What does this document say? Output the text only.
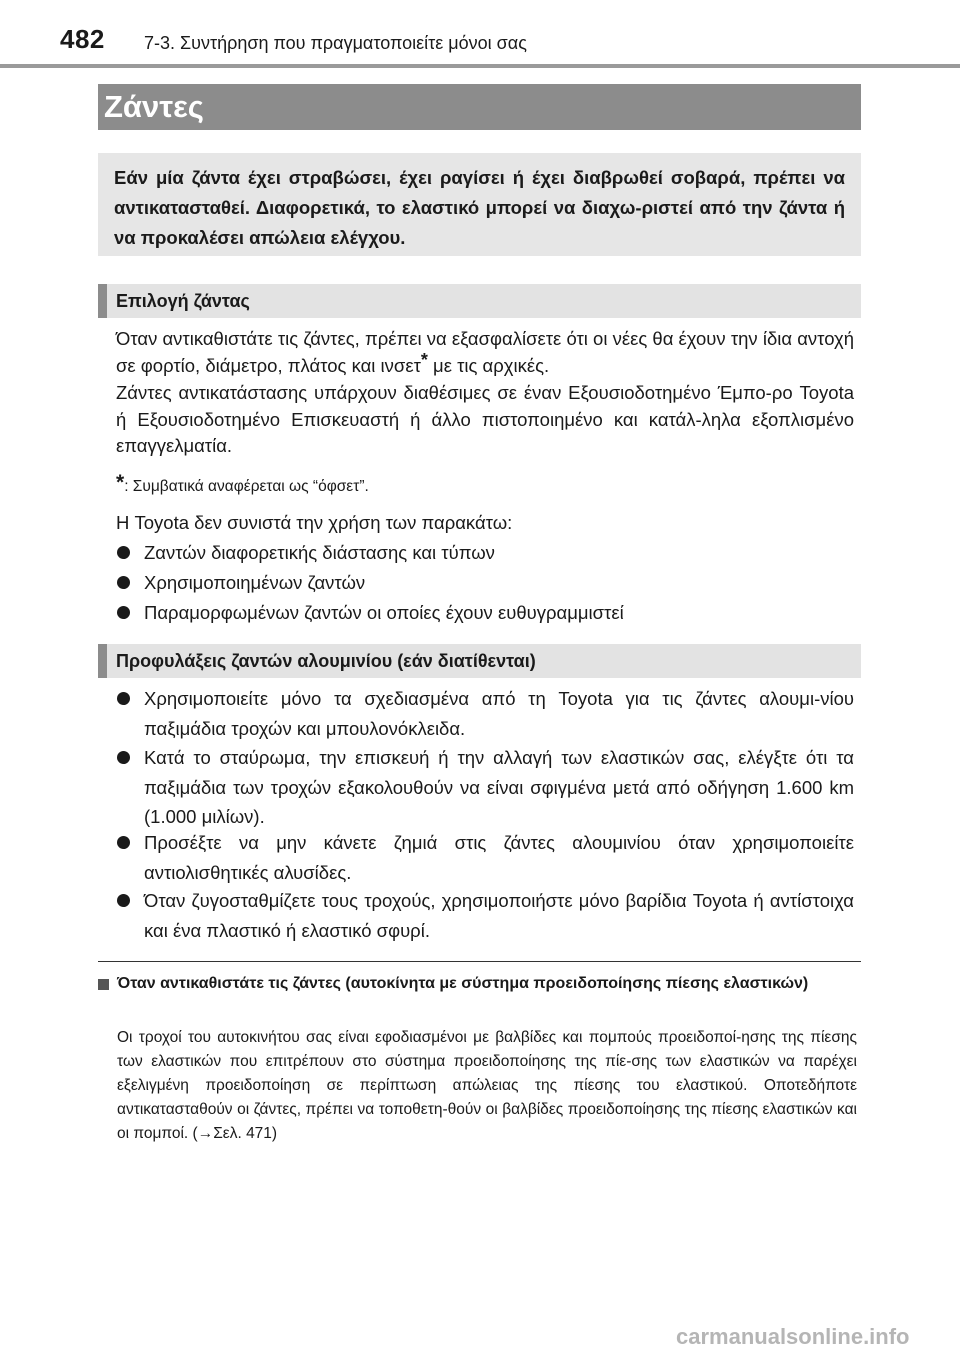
482 7-3. Συντήρηση που πραγματοποιείτε μόνοι σας
Ζάντες
Εάν μία ζάντα έχει στραβώσει, έχει ραγίσει ή έχει διαβρωθεί σοβαρά, πρέπει να αντικατασταθεί. Διαφορετικά, το ελαστικό μπορεί να διαχω-ριστεί από την ζάντα ή να προκαλέσει απώλεια ελέγχου.
Επιλογή ζάντας
Όταν αντικαθιστάτε τις ζάντες, πρέπει να εξασφαλίσετε ότι οι νέες θα έχουν την ίδια αντοχή σε φορτίο, διάμετρο, πλάτος και ινσετ* με τις αρχικές.
Ζάντες αντικατάστασης υπάρχουν διαθέσιμες σε έναν Εξουσιοδοτημένο Έμπο-ρο Toyota ή Εξουσιοδοτημένο Επισκευαστή ή άλλο πιστοποιημένο και κατάλ-ληλα εξοπλισμένο επαγγελματία.
*: Συμβατικά αναφέρεται ως “όφσετ”.
Η Toyota δεν συνιστά την χρήση των παρακάτω:
Ζαντών διαφορετικής διάστασης και τύπων
Χρησιμοποιημένων ζαντών
Παραμορφωμένων ζαντών οι οποίες έχουν ευθυγραμμιστεί
Προφυλάξεις ζαντών αλουμινίου (εάν διατίθενται)
Χρησιμοποιείτε μόνο τα σχεδιασμένα από τη Toyota για τις ζάντες αλουμι-νίου παξιμάδια τροχών και μπουλονόκλειδα.
Κατά το σταύρωμα, την επισκευή ή την αλλαγή των ελαστικών σας, ελέγξτε ότι τα παξιμάδια των τροχών εξακολουθούν να είναι σφιγμένα μετά από οδήγηση 1.600 km (1.000 μιλίων).
Προσέξτε να μην κάνετε ζημιά στις ζάντες αλουμινίου όταν χρησιμοποιείτε αντιολισθητικές αλυσίδες.
Όταν ζυγοσταθμίζετε τους τροχούς, χρησιμοποιήστε μόνο βαρίδια Toyota ή αντίστοιχα και ένα πλαστικό ή ελαστικό σφυρί.
Όταν αντικαθιστάτε τις ζάντες (αυτοκίνητα με σύστημα προειδοποίησης πίεσης ελαστικών)
Οι τροχοί του αυτοκινήτου σας είναι εφοδιασμένοι με βαλβίδες και πομπούς προειδοποί-ησης της πίεσης των ελαστικών που επιτρέπουν στο σύστημα προειδοποίησης της πίε-σης των ελαστικών να παρέχει εξελιγμένη προειδοποίηση σε περίπτωση απώλειας της πίεσης του ελαστικού. Οποτεδήποτε αντικατασταθούν οι ζάντες, πρέπει να τοποθετη-θούν οι βαλβίδες προειδοποίησης της πίεσης ελαστικών και οι πομποί. (→Σελ. 471)
carmanualsonline.info
